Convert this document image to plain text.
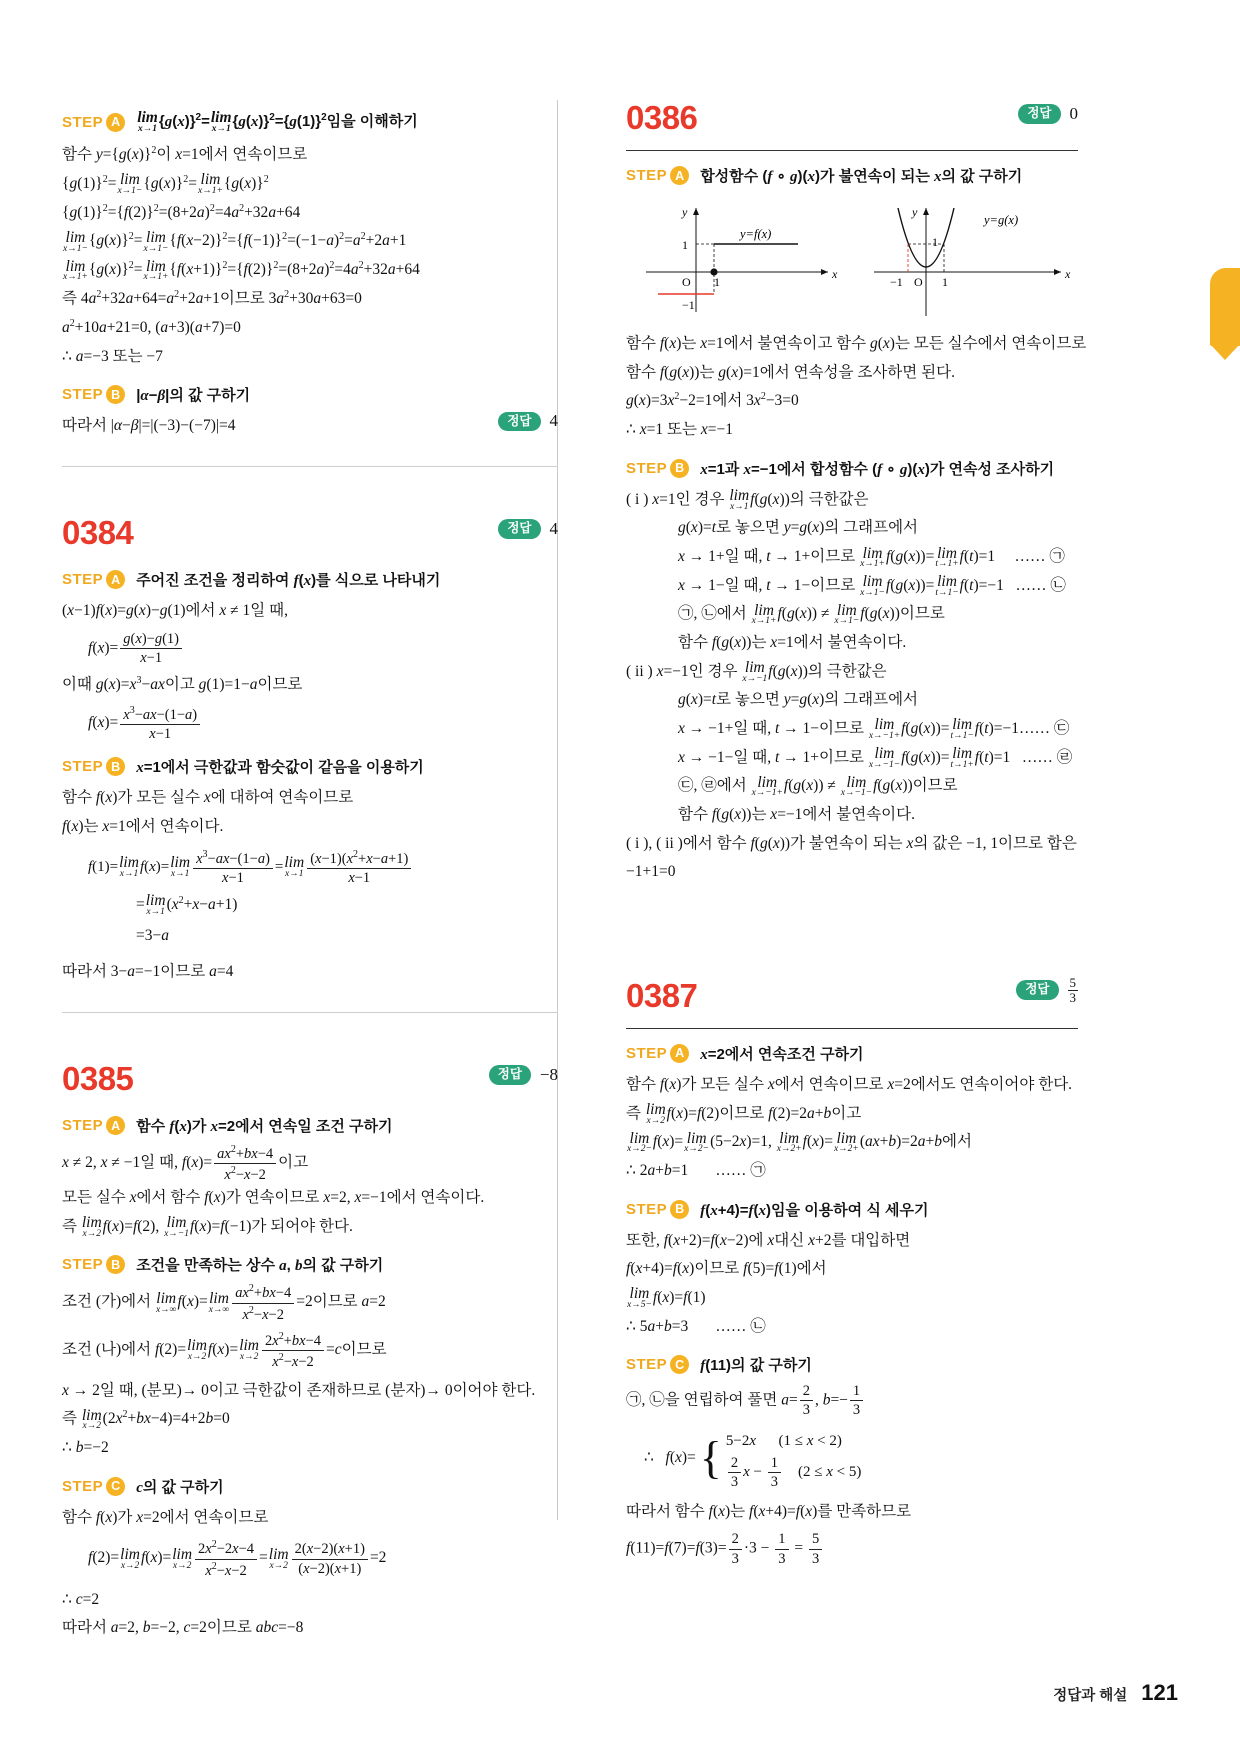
STEP A	lim
x→1 $\{g(x)\}^2= \lim$
x→1 $\{g(x)\}^2=\{g(1)\}^2$임을 이해하기

함수 $y=\{g(x)\}^2$이 x=1에서 연속이므로

$\{g(1)\}^2= \lim$
$x\to 1- \{g(x)\}^2= \lim$
$x\to 1+ \{g(x)\}^2$

$\{g(1)\}^2=\{f(2)\}^2=(8+2a)^2=4a^2+32a+64$

lim
$x\to 1- \{g(x)\}^2= \lim$
$x\to 1- \{f(x-2)\}^2=\{f(-1)\}^2=(-1-a)^2=a^2+2a+1$

lim
$x\to 1+ \{g(x)\}^2= \lim$
$x\to 1+ \{f(x+1)\}^2=\{f(2)\}^2=(8+2a)^2=4a^2+32a+64$

즉 $4a^2+32a+64=a^2+2a+1$이므로 $3a^2+30a+63=0$

$a^2+10a+21=0$, (a+3)(a+7)=0

∴ a=−3 또는 −7

STEP B	|α−β|의 값 구하기

따라서 |α−β|=|(−3)−(−7)|=4	정답	4
0384	정답	4
STEP A	주어진 조건을 정리하여 f(x)를 식으로 나타내기

(x−1)f(x)=g(x)−g(1)에서 x ≠ 1일 때,

$f(x)= \frac{g(x)-g(1)}{x-1}$

이때 $g(x)=x^3-ax$이고 g(1)=1−a이므로

$f(x)= \frac{x^3-ax-(1-a)}{x-1}$

STEP B	x=1에서 극한값과 함숫값이 같음을 이용하기

함수 f(x)가 모든 실수 x에 대하여 연속이므로

f(x)는 x=1에서 연속이다.

f(1)= lim
x→1 f(x)= lim
$x\to 1 \frac{x^3-ax-(1-a)}{x-1} = \lim$
$x\to 1 \frac{(x-1)(x^2+x-a+1)}{x-1}$

= lim
x→1 $(x^2+x-a+1)$

=3−a

따라서 3−a=−1이므로 a=4

0385	정답	−8
STEP A	함수 f(x)가 x=2에서 연속일 조건 구하기

x ≠ 2, x ≠ −1일 때, $f(x)= \frac{ax^2+bx-4}{x^2-x-2}$ 이고

모든 실수 x에서 함수 f(x)가 연속이므로 x=2, x=−1에서 연속이다.

즉 lim
x→2 f(x)=f(2), lim
x→−1 f(x)=f(−1)가 되어야 한다.

STEP B	조건을 만족하는 상수 a, b의 값 구하기

조건 (가)에서 lim
x→∞ f(x)= lim
$x\to\infty \frac{ax^2+bx-4}{x^2-x-2} =2$이므로 a=2

조건 (나)에서 f(2)= lim
x→2 f(x)= lim
$x\to 2 \frac{2x^2+bx-4}{x^2-x-2} =c$이므로

x → 2일 때, (분모)→ 0이고 극한값이 존재하므로 (분자)→ 0이어야 한다.

즉 lim
x→2 $(2x^2+bx-4)=4+2b=0$

∴ b=−2

STEP C	c의 값 구하기

함수 f(x)가 x=2에서 연속이므로

f(2)= lim
x→2 f(x)= lim
$x\to 2 \frac{2x^2-2x-4}{x^2-x-2} = \lim$
$x\to 2 \frac{2(x-2)(x+1)}{(x-2)(x+1)} =2$

∴ c=2

따라서 a=2, b=−2, c=2이므로 abc=−8

0386	정답	0
STEP A	합성함수 (f ∘ g)(x)가 불연속이 되는 x의 값 구하기
y
x
O
1
−1
1
y=f(x)
y
x
O
−1	1
1
y=g(x)

함수 f(x)는 x=1에서 불연속이고 함수 g(x)는 모든 실수에서 연속이므로

함수 f(g(x))는 g(x)=1에서 연속성을 조사하면 된다.

$g(x)=3x^2-2=1$에서 $3x^2-3=0$

∴ x=1 또는 x=−1

STEP B	x=1과 x=−1에서 합성함수 (f ∘ g)(x)가 연속성 조사하기

( i ) x=1인 경우 lim
x→1 f(g(x))의 극한값은

g(x)=t로 놓으면 y=g(x)의 그래프에서

x → 1+일 때, t → 1+이므로 lim
x→1+ f(g(x))= lim
t→1+ f(t)=1     …… ㉠

x → 1−일 때, t → 1−이므로 lim
x→1− f(g(x))= lim
t→1− f(t)=−1   …… ㉡

㉠, ㉡에서 lim
x→1+ f(g(x)) ≠ lim
x→1− f(g(x))이므로

함수 f(g(x))는 x=1에서 불연속이다.

( ii ) x=−1인 경우 lim
x→−1 f(g(x))의 극한값은

g(x)=t로 놓으면 y=g(x)의 그래프에서

x → −1+일 때, t → 1−이므로 lim
x→−1+ f(g(x))= lim
t→1− f(t)=−1…… ㉢

x → −1−일 때, t → 1+이므로 lim
x→−1− f(g(x))= lim
t→1+ f(t)=1   …… ㉣

㉢, ㉣에서 lim
x→−1+ f(g(x)) ≠ lim
x→−1− f(g(x))이므로

함수 f(g(x))는 x=−1에서 불연속이다.

( i ), ( ii )에서 함수 f(g(x))가 불연속이 되는 x의 값은 −1, 1이므로 합은

−1+1=0

0387	정답	$\frac{5}{3}$
STEP A	x=2에서 연속조건 구하기

함수 f(x)가 모든 실수 x에서 연속이므로 x=2에서도 연속이어야 한다.

즉 lim
x→2 f(x)=f(2)이므로 f(2)=2a+b이고

lim
x→2− f(x)= lim
x→2− (5−2x)=1, lim
x→2+ f(x)= lim
x→2+ (ax+b)=2a+b에서

∴ 2a+b=1       …… ㉠

STEP B	f(x+4)=f(x)임을 이용하여 식 세우기

또한, f(x+2)=f(x−2)에 x대신 x+2를 대입하면

f(x+4)=f(x)이므로 f(5)=f(1)에서

lim
x→5− f(x)=f(1)

∴ 5a+b=3       …… ㉡

STEP C	f(11)의 값 구하기

㉠, ㉡을 연립하여 풀면 $a= \frac{2}{3}$ , $b=- \frac{1}{3}$

∴   f(x)= { 5−2x      (1 ≤ x < 2)
$\frac{2}{3}$ $x - \frac{1}{3} (2 \le x < 5)$

따라서 함수 f(x)는 f(x+4)=f(x)를 만족하므로

$f(11)=f(7)=f(3)= \frac{2}{3} \cdot 3 - \frac{1}{3} = \frac{5}{3}$

정답과 해설 121
